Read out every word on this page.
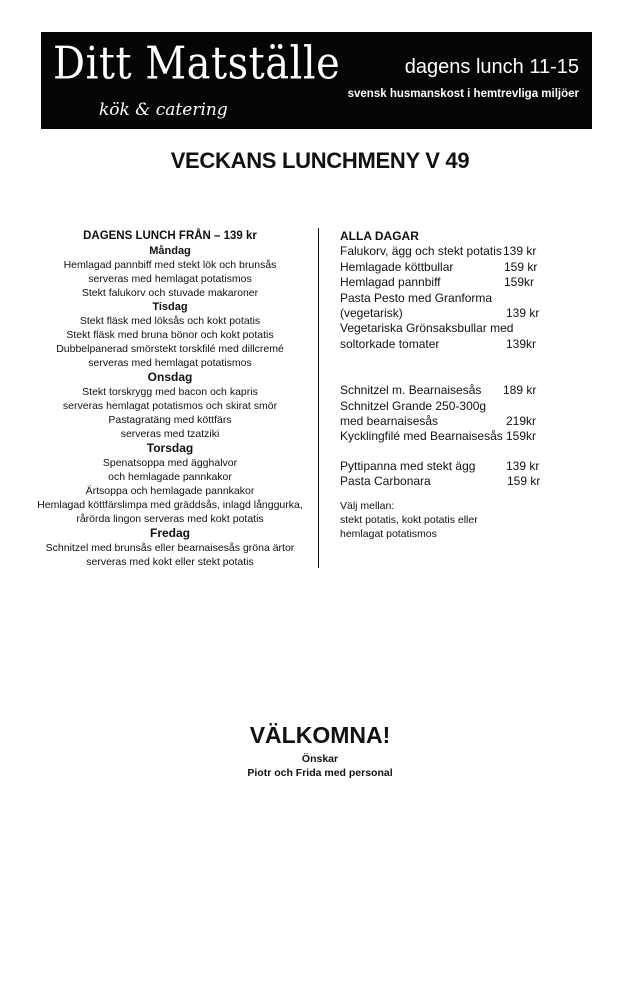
Ditt Matställe
kök & catering
dagens lunch 11-15
svensk husmanskost i hemtrevliga miljöer
VECKANS LUNCHMENY V 49
DAGENS LUNCH FRÅN – 139 kr
Måndag
Hemlagad pannbiff med stekt lök och brunsås
serveras med hemlagat potatismos
Stekt falukorv och stuvade makaroner
Tisdag
Stekt fläsk med löksås och kokt potatis
Stekt fläsk med bruna bönor och kokt potatis
Dubbelpanerad smörstekt torskfilé med dillcremé
serveras med hemlagat potatismos
Onsdag
Stekt torskrygg med bacon och kapris
serveras hemlagat potatismos och skirat smör
Pastagratäng med köttfärs
serveras med tzatziki
Torsdag
Spenatsoppa med ägghalvor
och hemlagade pannkakor
Ärtsoppa och hemlagade pannkakor
Hemlagad köttfärslimpa med gräddsås, inlagd långgurka,
rårörda lingon serveras med kokt potatis
Fredag
Schnitzel med brunsås eller bearnaisesås gröna ärtor
serveras med kokt eller stekt potatis
ALLA DAGAR
Falukorv, ägg och stekt potatis 139 kr
Hemlagade köttbullar	159 kr
Hemlagad pannbiff	159kr
Pasta Pesto med Granforma
(vegetarisk)	139 kr
Vegetariska Grönsaksbullar med
soltorkade tomater	139kr
Schnitzel m. Bearnaisesås 189 kr
Schnitzel Grande 250-300g
med bearnaisesås	219kr
Kycklingfilé med Bearnaisesås 159kr
Pyttipanna med stekt ägg	139 kr
Pasta Carbonara	159 kr
Välj mellan:
stekt potatis, kokt potatis eller
hemlagat potatismos
VÄLKOMNA!
Önskar
Piotr och Frida med personal
